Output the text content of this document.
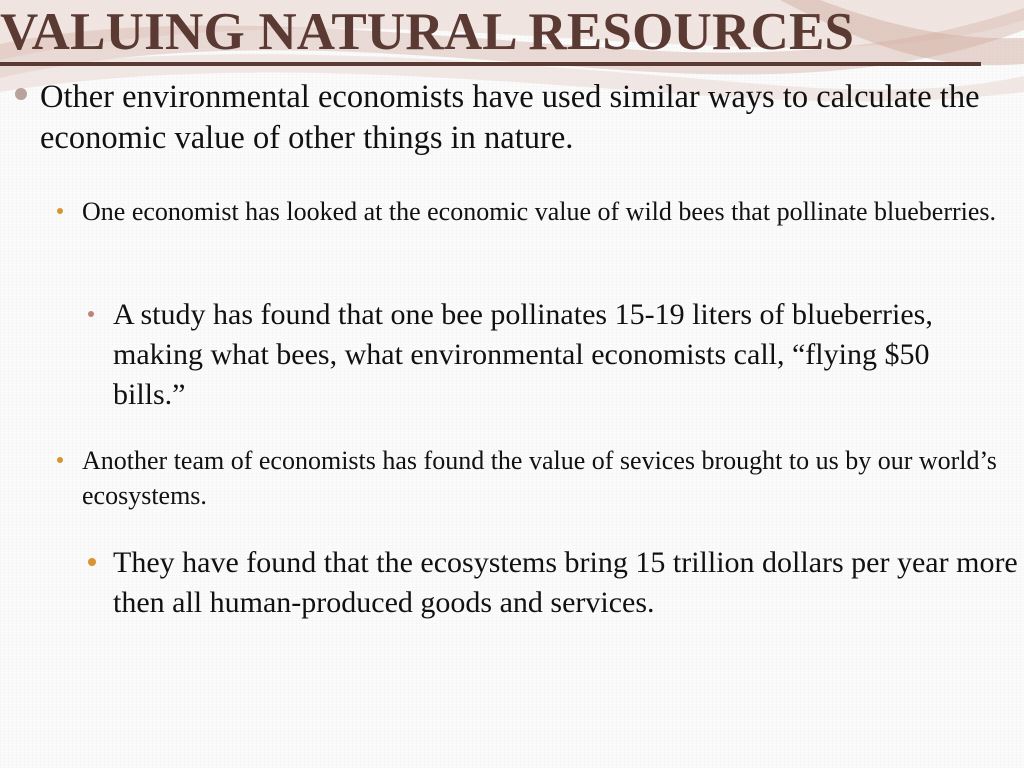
VALUING NATURAL RESOURCES

Other environmental economists have used similar ways to calculate the economic value of other things in nature.

One economist has looked at the economic value of wild bees that pollinate blueberries.

A study has found that one bee pollinates 15-19 liters of blueberries, making what bees, what environmental economists call, “flying $50 bills.”

Another team of economists has found the value of sevices brought to us by our world’s ecosystems.

They have found that the ecosystems bring 15 trillion dollars per year more then all human-produced goods and services.
